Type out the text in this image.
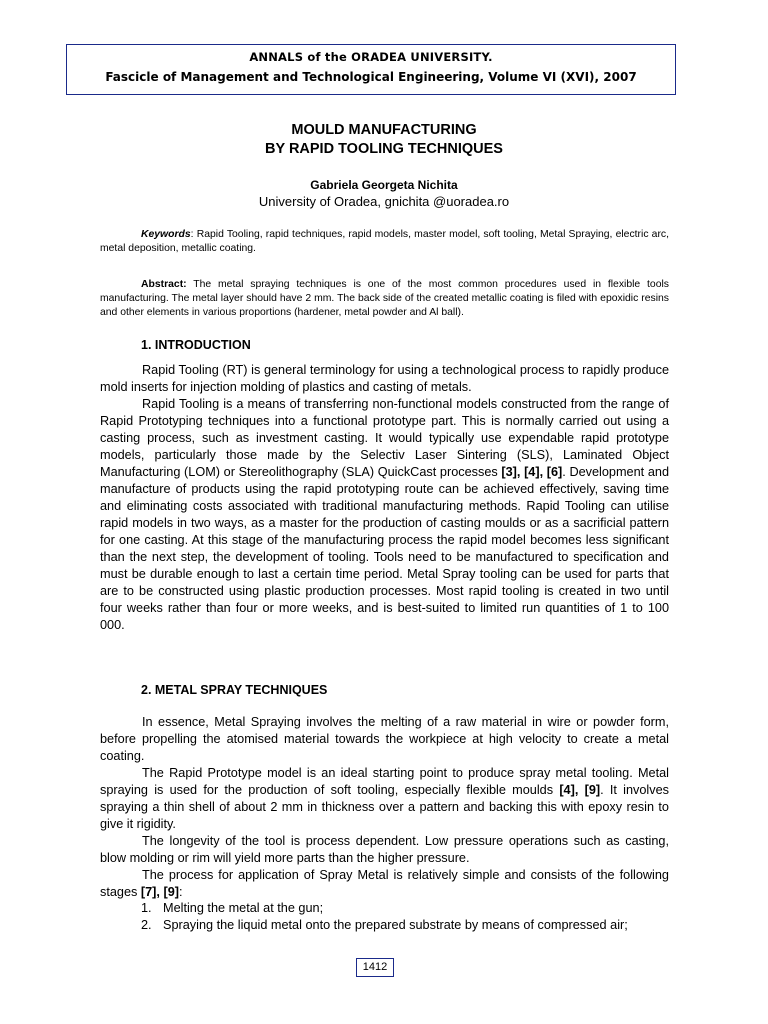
ANNALS of the ORADEA UNIVERSITY.
Fascicle of Management and Technological Engineering, Volume VI (XVI), 2007
MOULD MANUFACTURING
BY RAPID TOOLING TECHNIQUES
Gabriela Georgeta Nichita
University of Oradea, gnichita @uoradea.ro

Keywords: Rapid Tooling, rapid techniques, rapid models, master model, soft tooling, Metal Spraying, electric arc, metal deposition, metallic coating.

Abstract: The metal spraying techniques is one of the most common procedures used in flexible tools manufacturing. The metal layer should have 2 mm. The back side of the created metallic coating is filed with epoxidic resins and other elements in various proportions (hardener, metal powder and Al ball).

1. INTRODUCTION

Rapid Tooling (RT) is general terminology for using a technological process to rapidly produce mold inserts for injection molding of plastics and casting of metals.

Rapid Tooling is a means of transferring non-functional models constructed from the range of Rapid Prototyping techniques into a functional prototype part. This is normally carried out using a casting process, such as investment casting. It would typically use expendable rapid prototype models, particularly those made by the Selectiv Laser Sintering (SLS), Laminated Object Manufacturing (LOM) or Stereolithography (SLA) QuickCast processes [3], [4], [6]. Development and manufacture of products using the rapid prototyping route can be achieved effectively, saving time and eliminating costs associated with traditional manufacturing methods. Rapid Tooling can utilise rapid models in two ways, as a master for the production of casting moulds or as a sacrificial pattern for one casting. At this stage of the manufacturing process the rapid model becomes less significant than the next step, the development of tooling. Tools need to be manufactured to specification and must be durable enough to last a certain time period. Metal Spray tooling can be used for parts that are to be constructed using plastic production processes. Most rapid tooling is created in two until four weeks rather than four or more weeks, and is best-suited to limited run quantities of 1 to 100 000.

2. METAL SPRAY TECHNIQUES

In essence, Metal Spraying involves the melting of a raw material in wire or powder form, before propelling the atomised material towards the workpiece at high velocity to create a metal coating.

The Rapid Prototype model is an ideal starting point to produce spray metal tooling. Metal spraying is used for the production of soft tooling, especially flexible moulds [4], [9]. It involves spraying a thin shell of about 2 mm in thickness over a pattern and backing this with epoxy resin to give it rigidity.

The longevity of the tool is process dependent. Low pressure operations such as casting, blow molding or rim will yield more parts than the higher pressure.

The process for application of Spray Metal is relatively simple and consists of the following stages [7], [9]:

1. Melting the metal at the gun;
2. Spraying the liquid metal onto the prepared substrate by means of compressed air;
1412
